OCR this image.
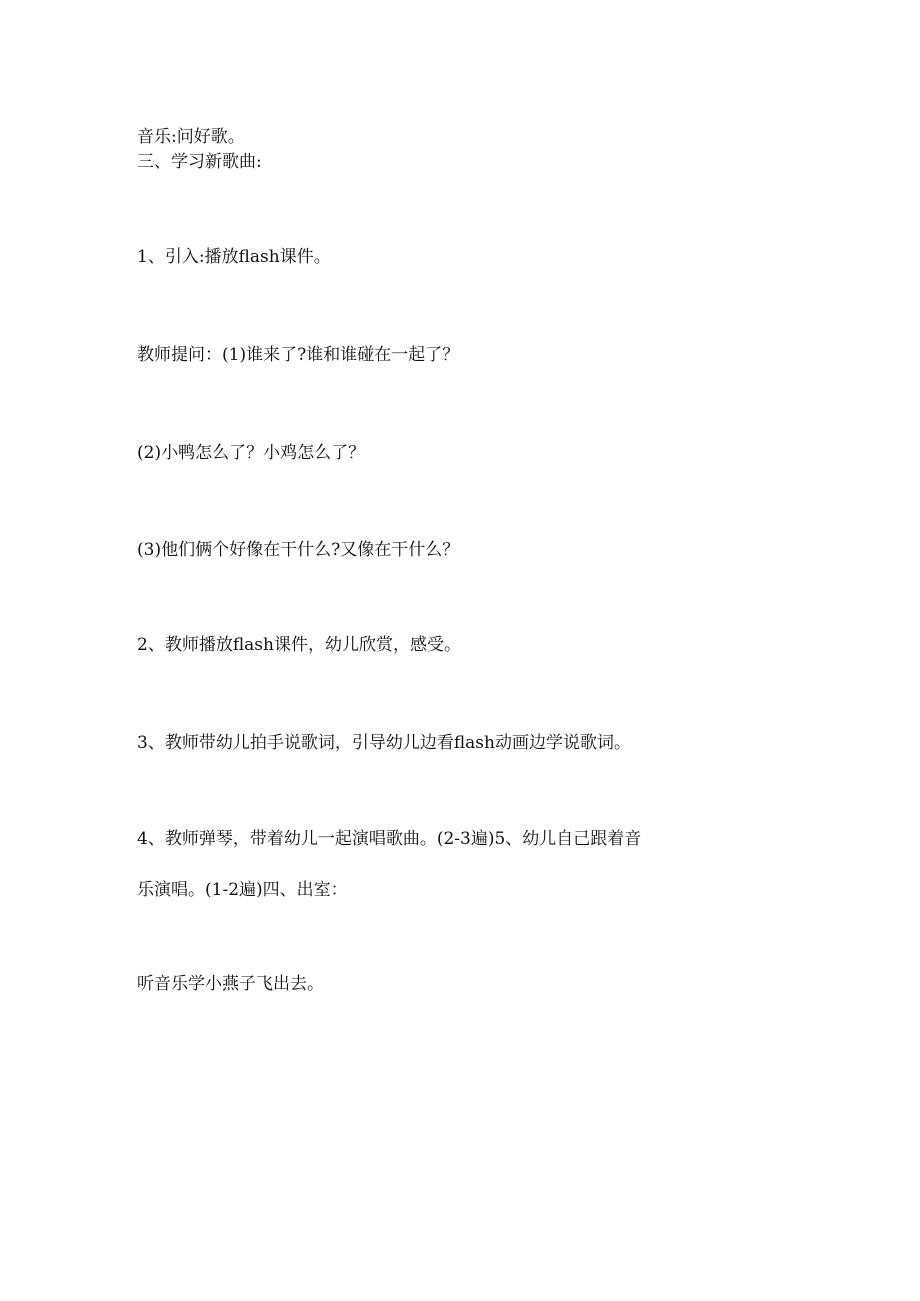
音乐:问好歌。
三、学习新歌曲:
1、引入:播放flash课件。
教师提问：(1)谁来了?谁和谁碰在一起了？
(2)小鸭怎么了？小鸡怎么了？
(3)他们俩个好像在干什么?又像在干什么？
2、教师播放flash课件，幼儿欣赏，感受。
3、教师带幼儿拍手说歌词，引导幼儿边看flash动画边学说歌词。
4、教师弹琴，带着幼儿一起演唱歌曲。(2-3遍)5、幼儿自己跟着音
乐演唱。(1-2遍)四、出室：
听音乐学小燕子飞出去。
